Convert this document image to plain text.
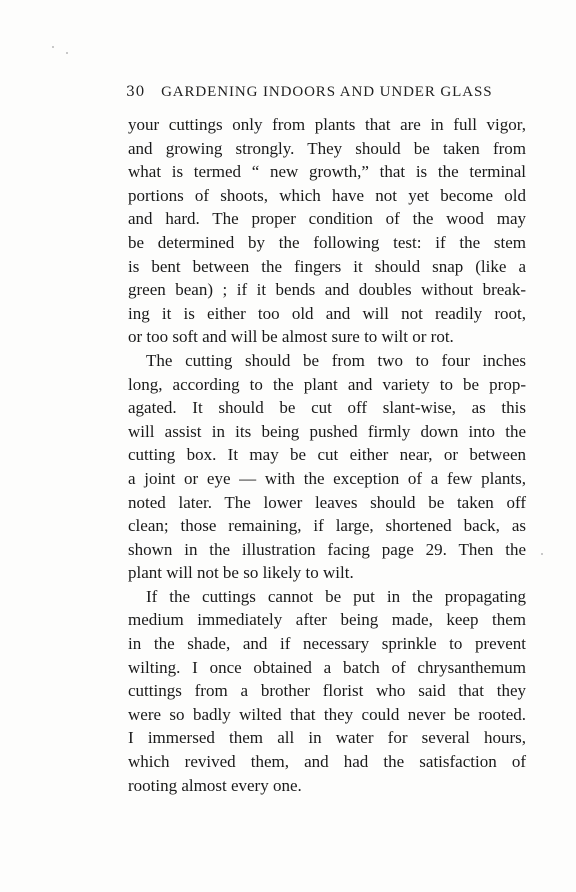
30 GARDENING INDOORS AND UNDER GLASS
your cuttings only from plants that are in full vigor,
and growing strongly. They should be taken from
what is termed “ new growth,” that is the terminal
portions of shoots, which have not yet become old
and hard. The proper condition of the wood may
be determined by the following test: if the stem
is bent between the fingers it should snap (like a
green bean) ; if it bends and doubles without break-
ing it is either too old and will not readily root,
or too soft and will be almost sure to wilt or rot.
The cutting should be from two to four inches
long, according to the plant and variety to be prop-
agated. It should be cut off slant-wise, as this
will assist in its being pushed firmly down into the
cutting box. It may be cut either near, or between
a joint or eye — with the exception of a few plants,
noted later. The lower leaves should be taken off
clean; those remaining, if large, shortened back, as
shown in the illustration facing page 29. Then the
plant will not be so likely to wilt.
If the cuttings cannot be put in the propagating
medium immediately after being made, keep them
in the shade, and if necessary sprinkle to prevent
wilting. I once obtained a batch of chrysanthemum
cuttings from a brother florist who said that they
were so badly wilted that they could never be rooted.
I immersed them all in water for several hours,
which revived them, and had the satisfaction of
rooting almost every one.
